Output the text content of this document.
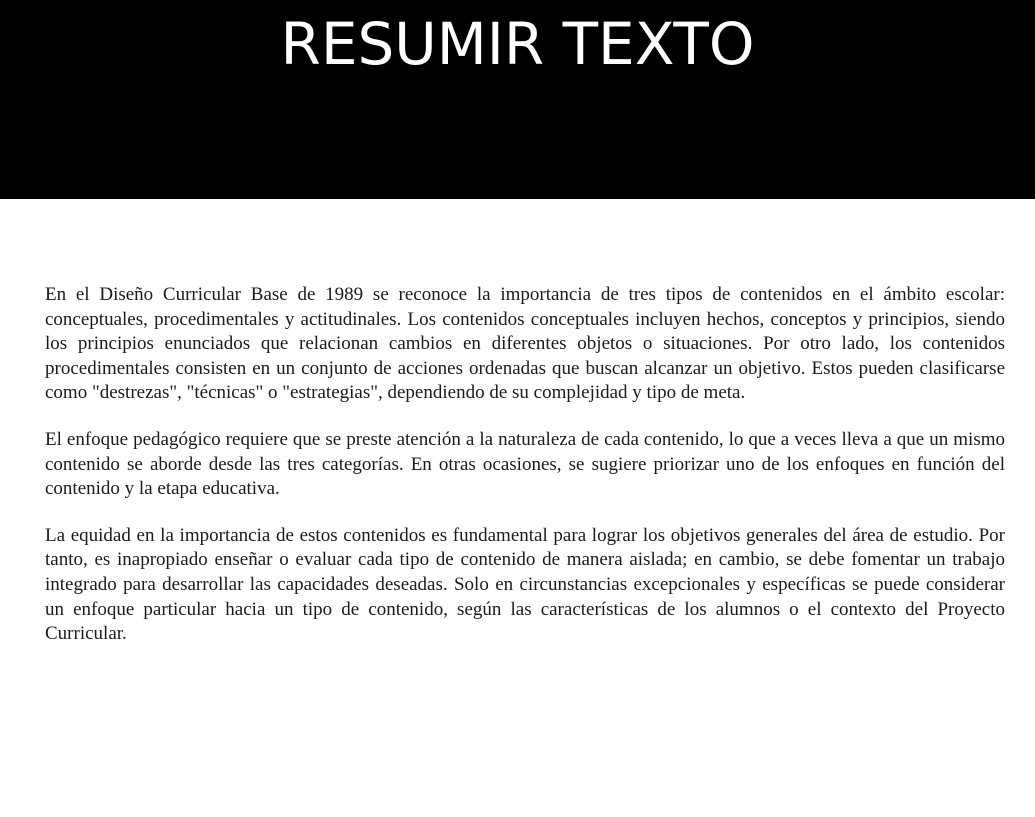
RESUMIR TEXTO

En el Diseño Curricular Base de 1989 se reconoce la importancia de tres tipos de contenidos en el ámbito escolar: conceptuales, procedimentales y actitudinales. Los contenidos conceptuales incluyen hechos, conceptos y principios, siendo los principios enunciados que relacionan cambios en diferentes objetos o situaciones. Por otro lado, los contenidos procedimentales consisten en un conjunto de acciones ordenadas que buscan alcanzar un objetivo. Estos pueden clasificarse como "destrezas", "técnicas" o "estrategias", dependiendo de su complejidad y tipo de meta.

El enfoque pedagógico requiere que se preste atención a la naturaleza de cada contenido, lo que a veces lleva a que un mismo contenido se aborde desde las tres categorías. En otras ocasiones, se sugiere priorizar uno de los enfoques en función del contenido y la etapa educativa.

La equidad en la importancia de estos contenidos es fundamental para lograr los objetivos generales del área de estudio. Por tanto, es inapropiado enseñar o evaluar cada tipo de contenido de manera aislada; en cambio, se debe fomentar un trabajo integrado para desarrollar las capacidades deseadas. Solo en circunstancias excepcionales y específicas se puede considerar un enfoque particular hacia un tipo de contenido, según las características de los alumnos o el contexto del Proyecto Curricular.
